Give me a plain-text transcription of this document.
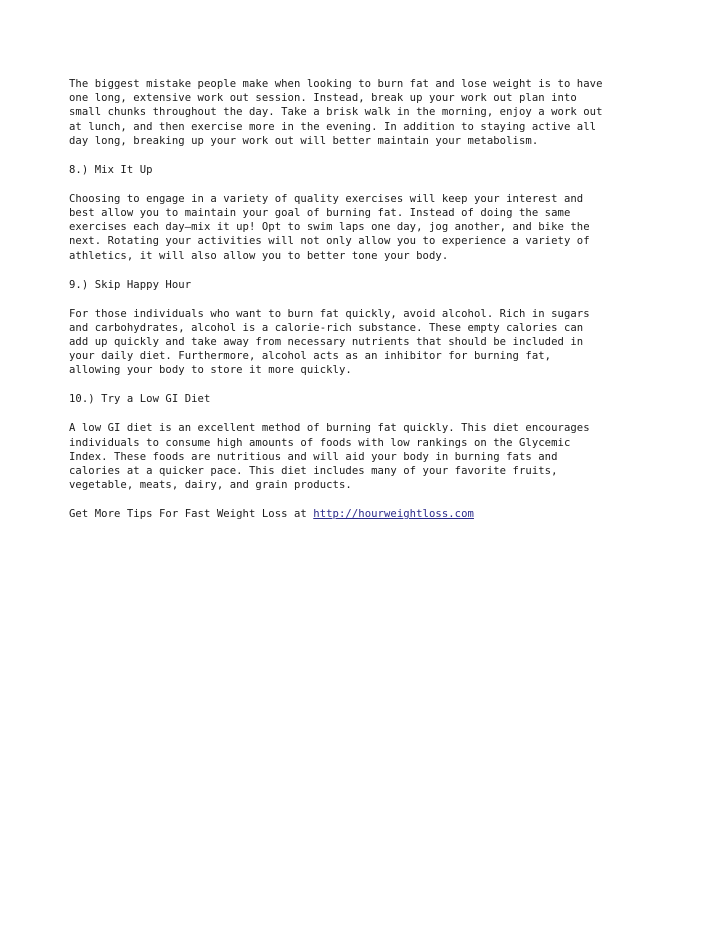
The biggest mistake people make when looking to burn fat and lose weight is to have
one long, extensive work out session. Instead, break up your work out plan into
small chunks throughout the day. Take a brisk walk in the morning, enjoy a work out
at lunch, and then exercise more in the evening. In addition to staying active all
day long, breaking up your work out will better maintain your metabolism.
8.) Mix It Up
Choosing to engage in a variety of quality exercises will keep your interest and
best allow you to maintain your goal of burning fat. Instead of doing the same
exercises each day—mix it up! Opt to swim laps one day, jog another, and bike the
next. Rotating your activities will not only allow you to experience a variety of
athletics, it will also allow you to better tone your body.
9.) Skip Happy Hour
For those individuals who want to burn fat quickly, avoid alcohol. Rich in sugars
and carbohydrates, alcohol is a calorie-rich substance. These empty calories can
add up quickly and take away from necessary nutrients that should be included in
your daily diet. Furthermore, alcohol acts as an inhibitor for burning fat,
allowing your body to store it more quickly.
10.) Try a Low GI Diet
A low GI diet is an excellent method of burning fat quickly. This diet encourages
individuals to consume high amounts of foods with low rankings on the Glycemic
Index. These foods are nutritious and will aid your body in burning fats and
calories at a quicker pace. This diet includes many of your favorite fruits,
vegetable, meats, dairy, and grain products.
Get More Tips For Fast Weight Loss at http://hourweightloss.com
